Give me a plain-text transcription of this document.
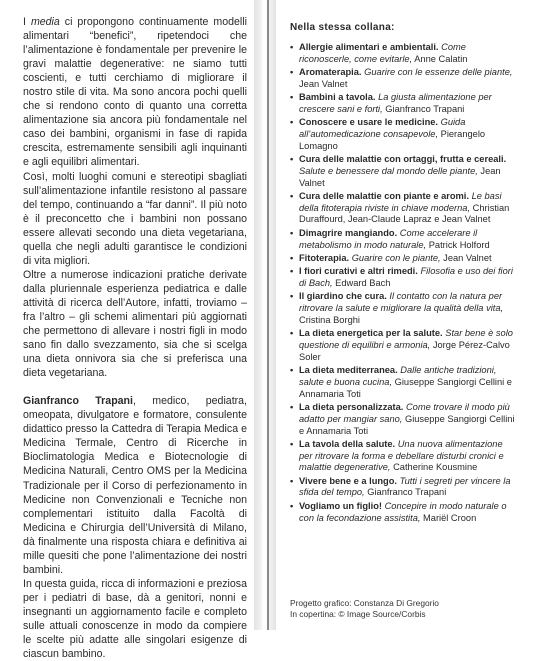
I media ci propongono continuamente modelli alimentari “benefici”, ripetendoci che l’alimentazione è fondamentale per prevenire le gravi malattie degenerative: ne siamo tutti coscienti, e tutti cerchiamo di migliorare il nostro stile di vita. Ma sono ancora pochi quelli che si rendono conto di quanto una corretta alimentazione sia ancora più fondamentale nel caso dei bambini, organismi in fase di rapida crescita, estremamente sensibili agli inquinanti e agli equilibri alimentari.

Così, molti luoghi comuni e stereotipi sbagliati sull’alimentazione infantile resistono al passare del tempo, continuando a “far danni”. Il più noto è il preconcetto che i bambini non possano essere allevati secondo una dieta vegetariana, quella che negli adulti garantisce le condizioni di vita migliori.

Oltre a numerose indicazioni pratiche derivate dalla pluriennale esperienza pediatrica e dalle attività di ricerca dell’Autore, infatti, troviamo – fra l’altro – gli schemi alimentari più aggiornati che permettono di allevare i nostri figli in modo sano fin dallo svezzamento, sia che si scelga una dieta onnivora sia che si preferisca una dieta vegetariana.

Gianfranco Trapani, medico, pediatra, omeopata, divulgatore e formatore, consulente didattico presso la Cattedra di Terapia Medica e Medicina Termale, Centro di Ricerche in Bioclimatologia Medica e Biotecnologie di Medicina Naturali, Centro OMS per la Medicina Tradizionale per il Corso di perfezionamento in Medicine non Convenzionali e Tecniche non complementari istituito dalla Facoltà di Medicina e Chirurgia dell’Università di Milano, dà finalmente una risposta chiara e definitiva ai mille quesiti che pone l’alimentazione dei nostri bambini.

In questa guida, ricca di informazioni e preziosa per i pediatri di base, dà a genitori, nonni e insegnanti un aggiornamento facile e completo sulle attuali conoscenze in modo da compiere le scelte più adatte alle singolari esigenze di ciascun bambino.

Nella stessa collana:
• Allergie alimentari e ambientali. Come riconoscerle, come evitarle, Anne Calatin
• Aromaterapia. Guarire con le essenze delle piante, Jean Valnet
• Bambini a tavola. La giusta alimentazione per crescere sani e forti, Gianfranco Trapani
• Conoscere e usare le medicine. Guida all’automedicazione consapevole, Pierangelo Lomagno
• Cura delle malattie con ortaggi, frutta e cereali. Salute e benessere dal mondo delle piante, Jean Valnet
• Cura delle malattie con piante e aromi. Le basi della fitoterapia riviste in chiave moderna, Christian Duraffourd, Jean-Claude Lapraz e Jean Valnet
• Dimagrire mangiando. Come accelerare il metabolismo in modo naturale, Patrick Holford
• Fitoterapia. Guarire con le piante, Jean Valnet
• I fiori curativi e altri rimedi. Filosofia e uso dei fiori di Bach, Edward Bach
• Il giardino che cura. Il contatto con la natura per ritrovare la salute e migliorare la qualità della vita, Cristina Borghi
• La dieta energetica per la salute. Star bene è solo questione di equilibri e armonia, Jorge Pérez-Calvo Soler
• La dieta mediterranea. Dalle antiche tradizioni, salute e buona cucina, Giuseppe Sangiorgi Cellini e Annamaria Toti
• La dieta personalizzata. Come trovare il modo più adatto per mangiar sano, Giuseppe Sangiorgi Cellini e Annamaria Toti
• La tavola della salute. Una nuova alimentazione per ritrovare la forma e debellare disturbi cronici e malattie degenerative, Catherine Kousmine
• Vivere bene e a lungo. Tutti i segreti per vincere la sfida del tempo, Gianfranco Trapani
• Vogliamo un figlio! Concepire in modo naturale o con la fecondazione assistita, Mariël Croon
Progetto grafico: Constanza Di Gregorio
In copertina: © Image Source/Corbis
